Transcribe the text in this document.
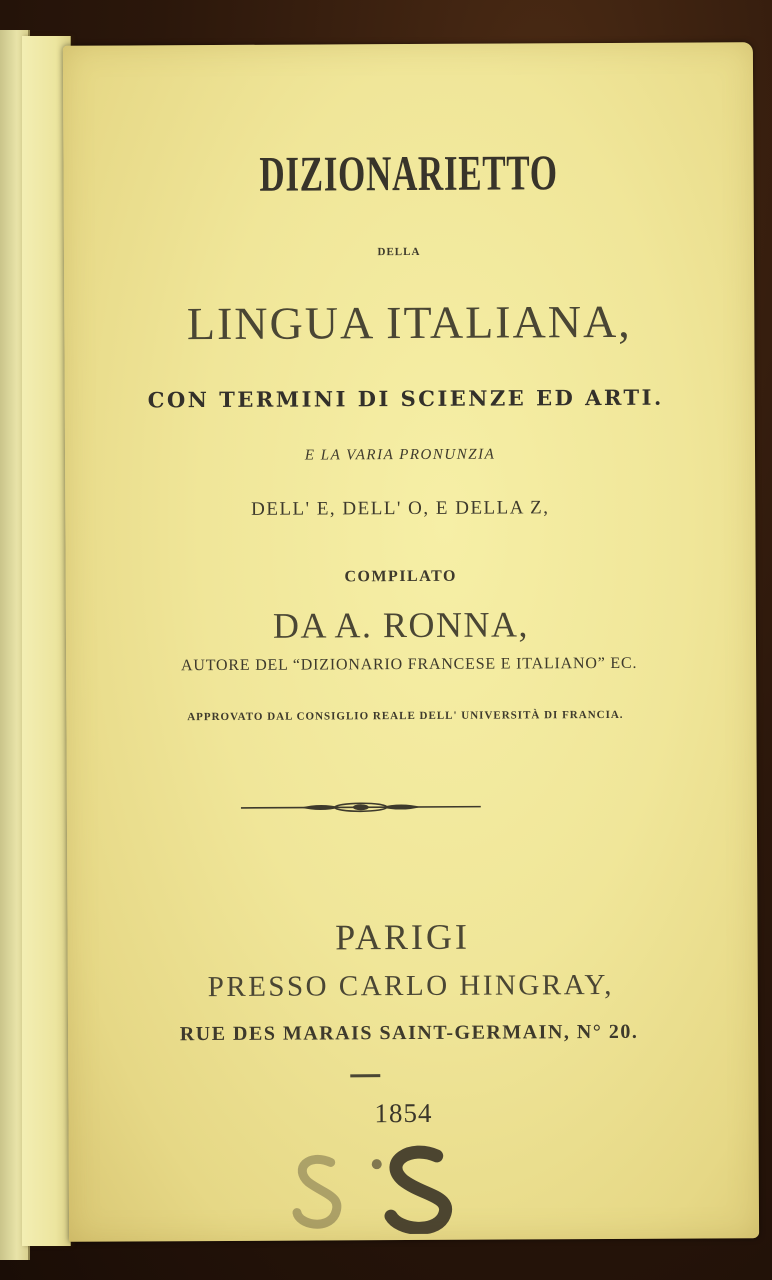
DIZIONARIETTO
DELLA
LINGUA ITALIANA,
CON TERMINI DI SCIENZE ED ARTI.
E LA VARIA PRONUNZIA
DELL' E, DELL' O, E DELLA Z,
COMPILATO
DA A. RONNA,
AUTORE DEL “DIZIONARIO FRANCESE E ITALIANO” EC.
APPROVATO DAL CONSIGLIO REALE DELL' UNIVERSITÀ DI FRANCIA.
PARIGI
PRESSO CARLO HINGRAY,
RUE DES MARAIS SAINT-GERMAIN, N° 20.
1854
